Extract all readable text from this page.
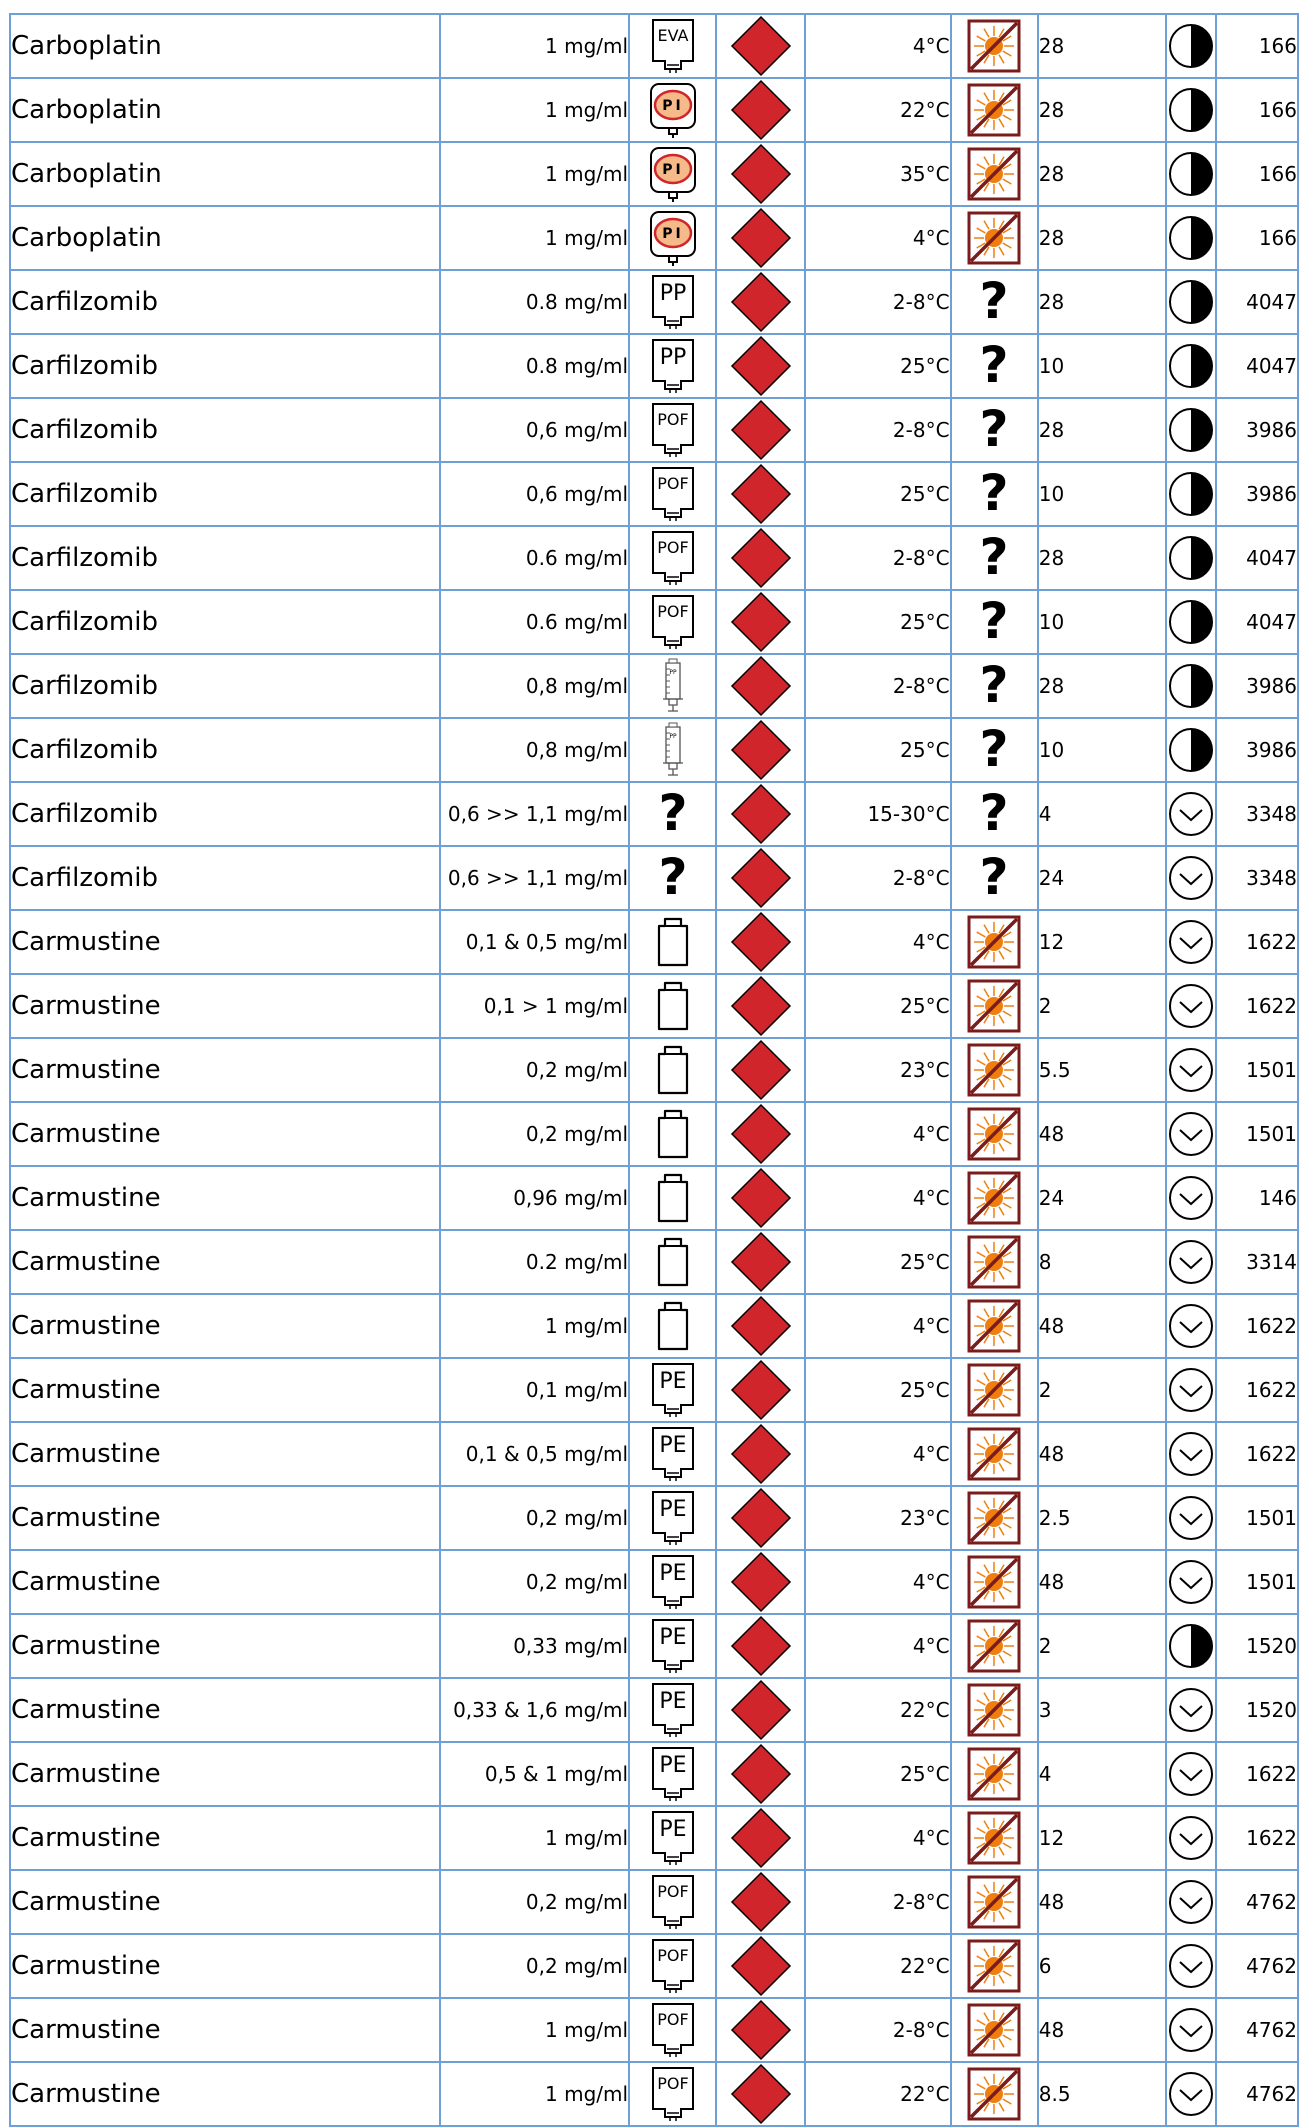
Carboplatin	1 mg/ml	EVA		4°C		28		166
Carboplatin	1 mg/ml	PI		22°C		28		166
Carboplatin	1 mg/ml	PI		35°C		28		166
Carboplatin	1 mg/ml	PI		4°C		28		166
Carfilzomib	0.8 mg/ml	PP		2-8°C	?	28		4047
Carfilzomib	0.8 mg/ml	PP		25°C	?	10		4047
Carfilzomib	0,6 mg/ml	POF		2-8°C	?	28		3986
Carfilzomib	0,6 mg/ml	POF		25°C	?	10		3986
Carfilzomib	0.6 mg/ml	POF		2-8°C	?	28		4047
Carfilzomib	0.6 mg/ml	POF		25°C	?	10		4047
Carfilzomib	0,8 mg/ml	PP		2-8°C	?	28		3986
Carfilzomib	0,8 mg/ml	PP		25°C	?	10		3986
Carfilzomib	0,6 >> 1,1 mg/ml	?		15-30°C	?	4		3348
Carfilzomib	0,6 >> 1,1 mg/ml	?		2-8°C	?	24		3348
Carmustine	0,1 & 0,5 mg/ml			4°C		12		1622
Carmustine	0,1 > 1 mg/ml			25°C		2		1622
Carmustine	0,2 mg/ml			23°C		5.5		1501
Carmustine	0,2 mg/ml			4°C		48		1501
Carmustine	0,96 mg/ml			4°C		24		146
Carmustine	0.2 mg/ml			25°C		8		3314
Carmustine	1 mg/ml			4°C		48		1622
Carmustine	0,1 mg/ml	PE		25°C		2		1622
Carmustine	0,1 & 0,5 mg/ml	PE		4°C		48		1622
Carmustine	0,2 mg/ml	PE		23°C		2.5		1501
Carmustine	0,2 mg/ml	PE		4°C		48		1501
Carmustine	0,33 mg/ml	PE		4°C		2		1520
Carmustine	0,33 & 1,6 mg/ml	PE		22°C		3		1520
Carmustine	0,5 & 1 mg/ml	PE		25°C		4		1622
Carmustine	1 mg/ml	PE		4°C		12		1622
Carmustine	0,2 mg/ml	POF		2-8°C		48		4762
Carmustine	0,2 mg/ml	POF		22°C		6		4762
Carmustine	1 mg/ml	POF		2-8°C		48		4762
Carmustine	1 mg/ml	POF		22°C		8.5		4762
